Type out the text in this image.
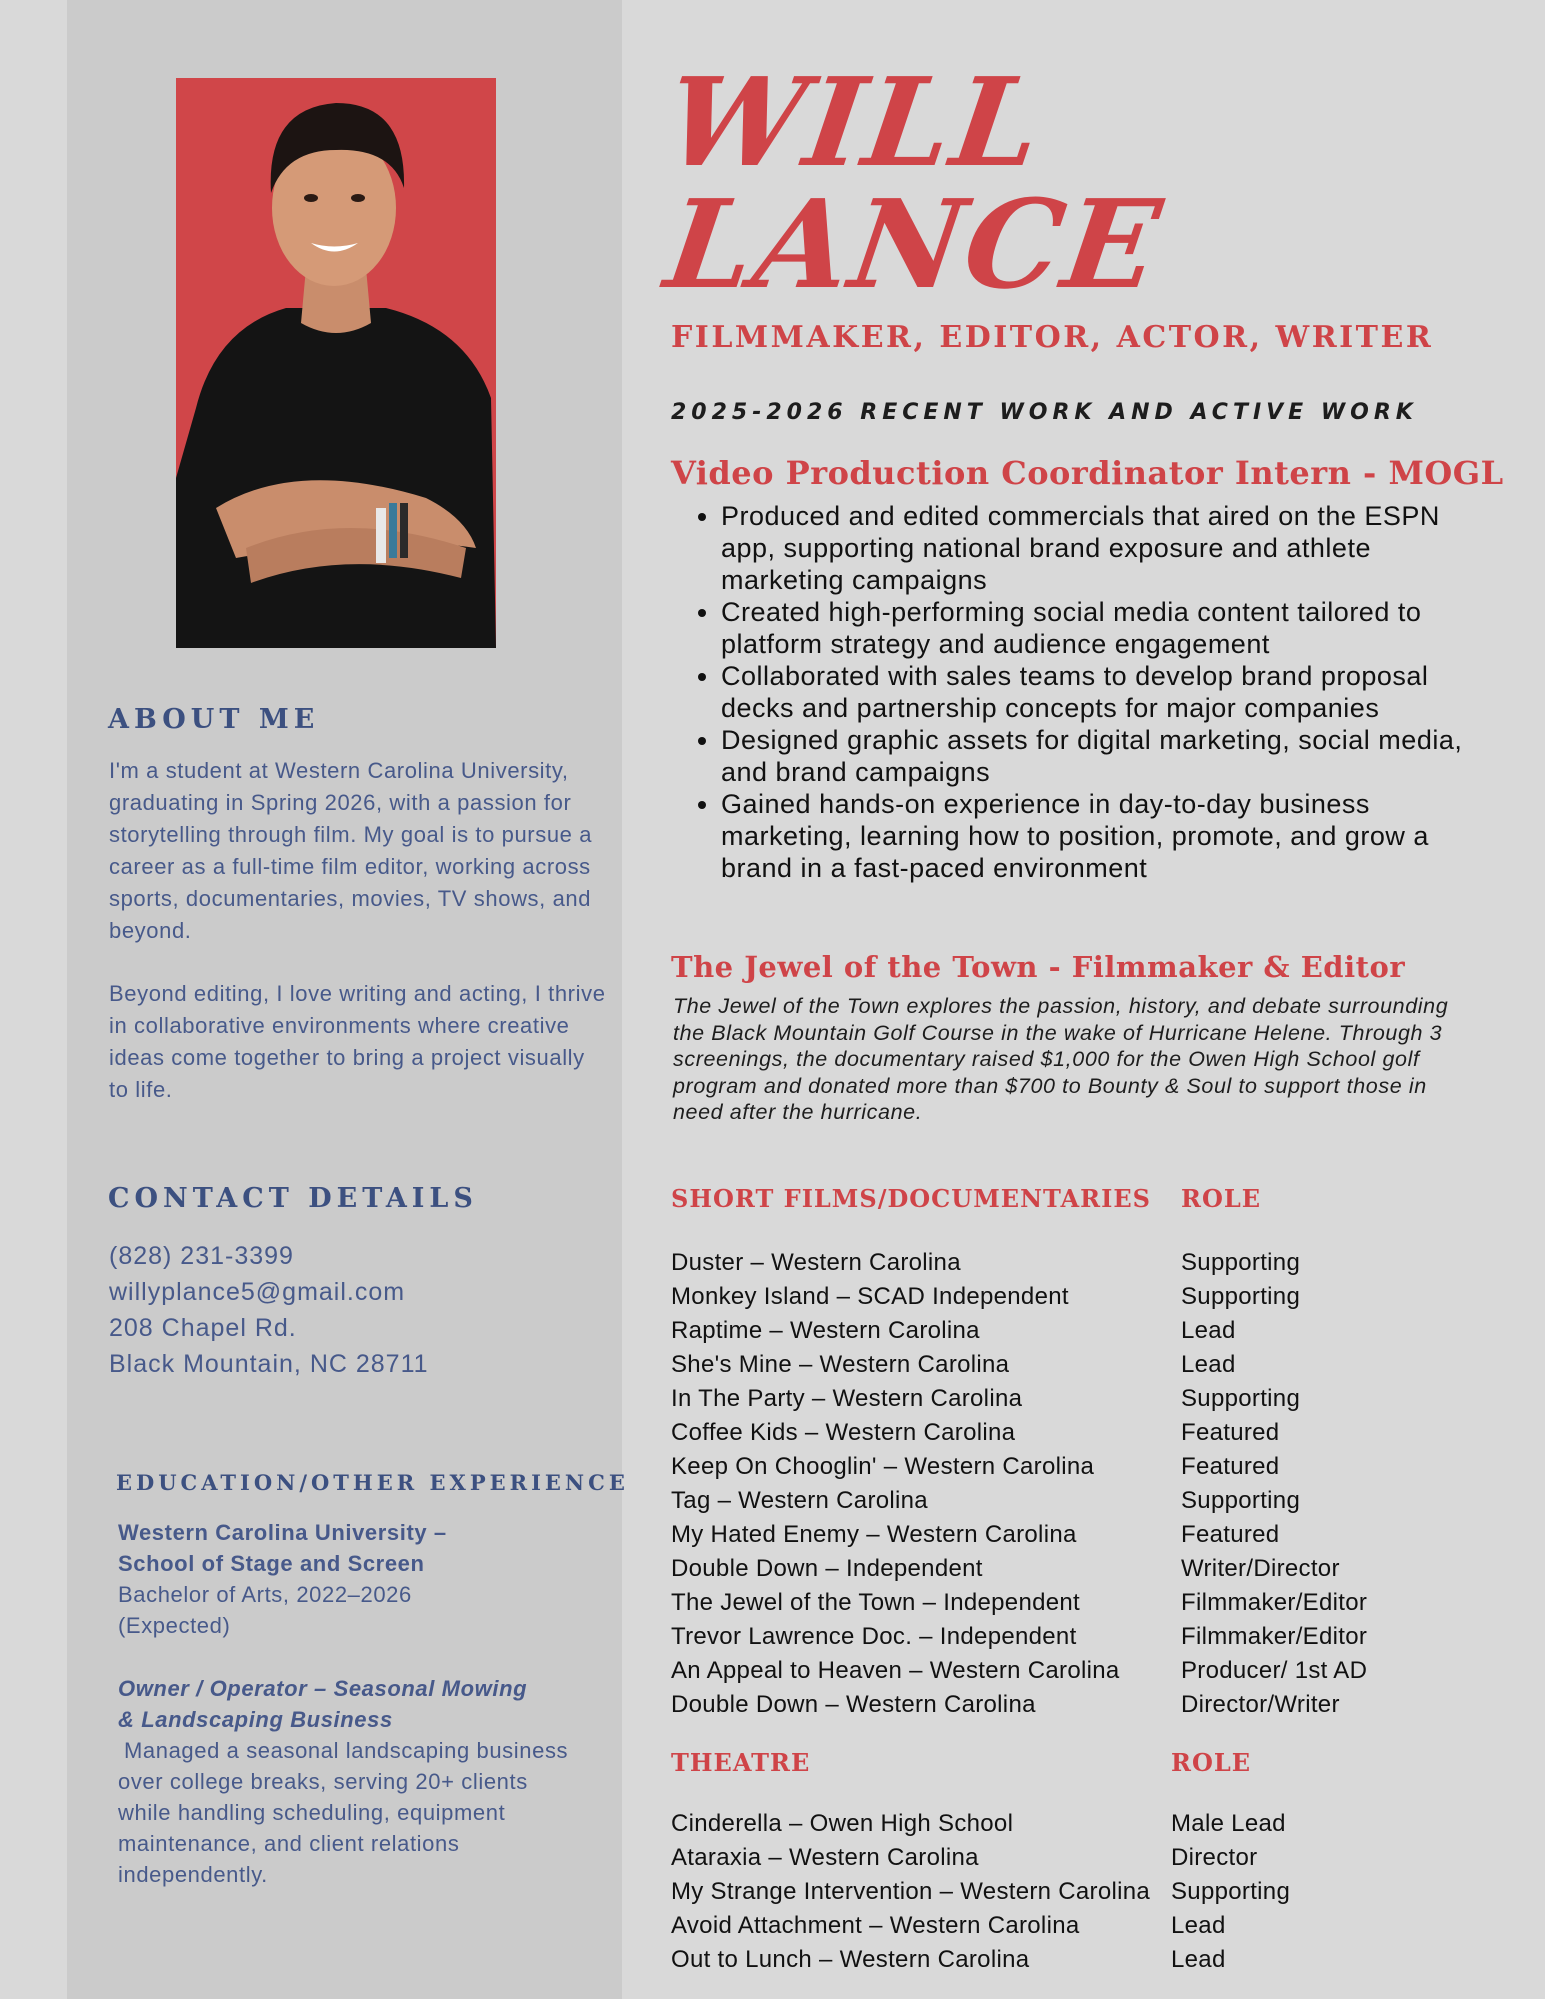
ABOUT ME

I'm a student at Western Carolina University, graduating in Spring 2026, with a passion for storytelling through film. My goal is to pursue a career as a full-time film editor, working across sports, documentaries, movies, TV shows, and beyond.

Beyond editing, I love writing and acting, I thrive in collaborative environments where creative ideas come together to bring a project visually to life.

CONTACT DETAILS
(828) 231-3399
willyplance5@gmail.com
208 Chapel Rd.
Black Mountain, NC 28711
EDUCATION/OTHER EXPERIENCE
Western Carolina University –
School of Stage and Screen
Bachelor of Arts, 2022–2026
(Expected)
Owner / Operator – Seasonal Mowing
& Landscaping Business
Managed a seasonal landscaping business over college breaks, serving 20+ clients while handling scheduling, equipment maintenance, and client relations independently.
WILL
LANCE
FILMMAKER, EDITOR, ACTOR, WRITER
2025-2026 RECENT WORK AND ACTIVE WORK
Video Production Coordinator Intern - MOGL
• Produced and edited commercials that aired on the ESPN app, supporting national brand exposure and athlete marketing campaigns
• Created high-performing social media content tailored to platform strategy and audience engagement
• Collaborated with sales teams to develop brand proposal decks and partnership concepts for major companies
• Designed graphic assets for digital marketing, social media, and brand campaigns
• Gained hands-on experience in day-to-day business marketing, learning how to position, promote, and grow a brand in a fast-paced environment
The Jewel of the Town - Filmmaker & Editor

The Jewel of the Town explores the passion, history, and debate surrounding the Black Mountain Golf Course in the wake of Hurricane Helene. Through 3 screenings, the documentary raised $1,000 for the Owen High School golf program and donated more than $700 to Bounty & Soul to support those in need after the hurricane.

SHORT FILMS/DOCUMENTARIES ROLE
Duster – Western Carolina
Monkey Island – SCAD Independent
Raptime – Western Carolina
She's Mine – Western Carolina
In The Party – Western Carolina
Coffee Kids – Western Carolina
Keep On Chooglin' – Western Carolina
Tag – Western Carolina
My Hated Enemy – Western Carolina
Double Down – Independent
The Jewel of the Town – Independent
Trevor Lawrence Doc. – Independent
An Appeal to Heaven – Western Carolina
Double Down – Western Carolina
Supporting
Supporting
Lead
Lead
Supporting
Featured
Featured
Supporting
Featured
Writer/Director
Filmmaker/Editor
Filmmaker/Editor
Producer/ 1st AD
Director/Writer
THEATRE	ROLE
Cinderella – Owen High School
Ataraxia – Western Carolina
My Strange Intervention – Western Carolina
Avoid Attachment – Western Carolina
Out to Lunch – Western Carolina
Male Lead
Director
Supporting
Lead
Lead
